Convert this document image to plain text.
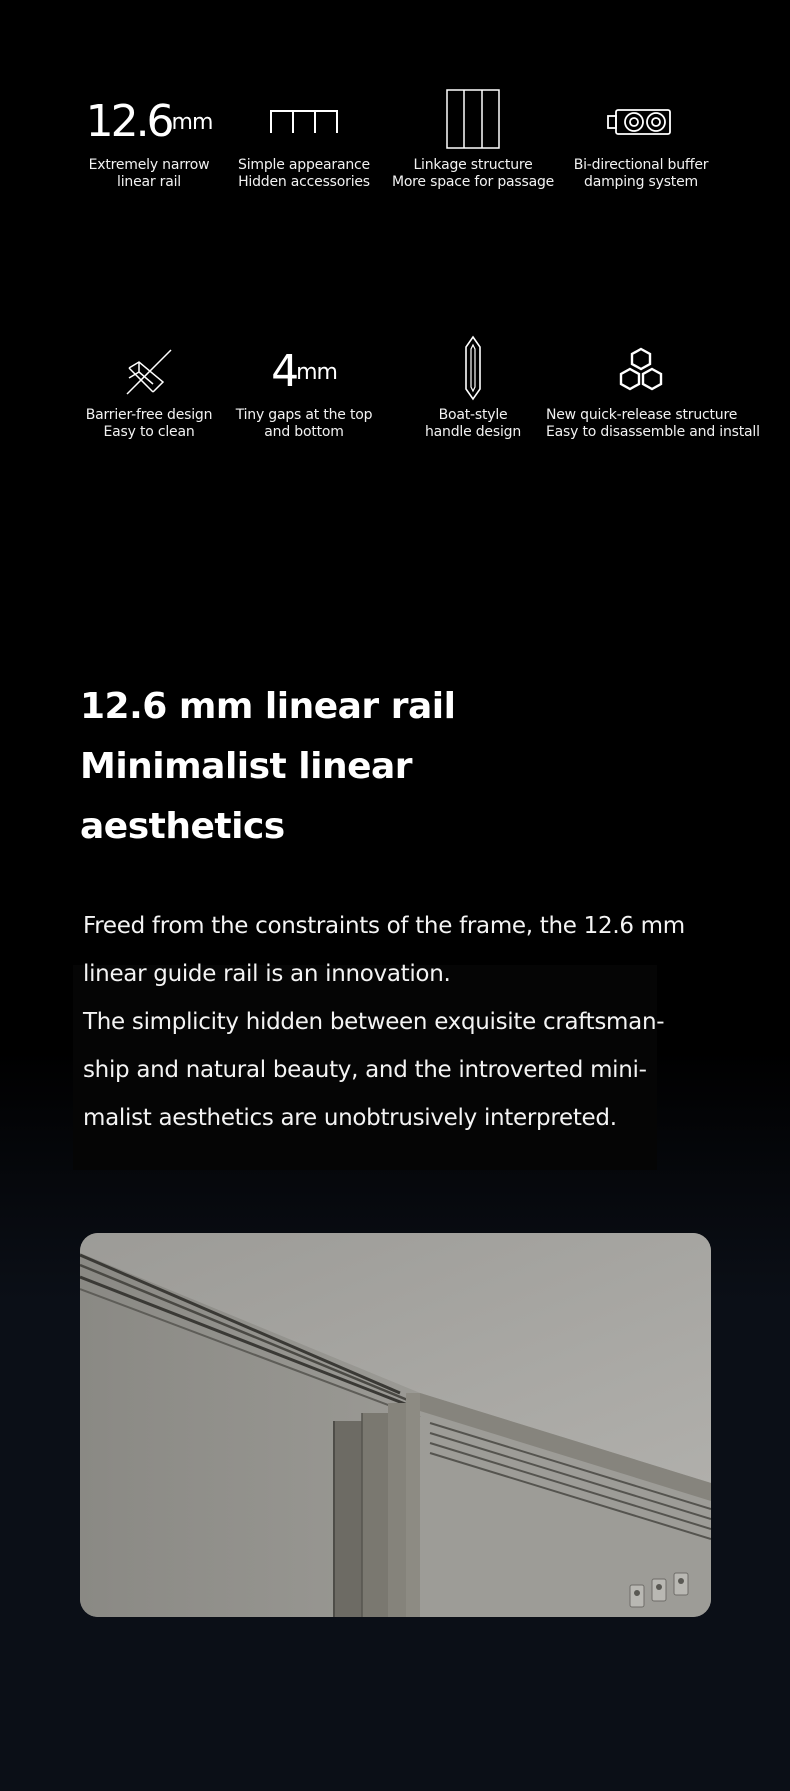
12.6 mm
Extremely narrow
linear rail
Simple appearance
Hidden accessories
Linkage structure
More space for passage
Bi-directional buffer
damping system
Barrier-free design
Easy to clean
4 mm
Tiny gaps at the top
and bottom
Boat-style
handle design
New quick-release structure
Easy to disassemble and install
12.6 mm linear rail
Minimalist linear
aesthetics

Freed from the constraints of the frame, the 12.6 mm

linear guide rail is an innovation.

The simplicity hidden between exquisite craftsman-

ship and natural beauty, and the introverted mini-

malist aesthetics are unobtrusively interpreted.
